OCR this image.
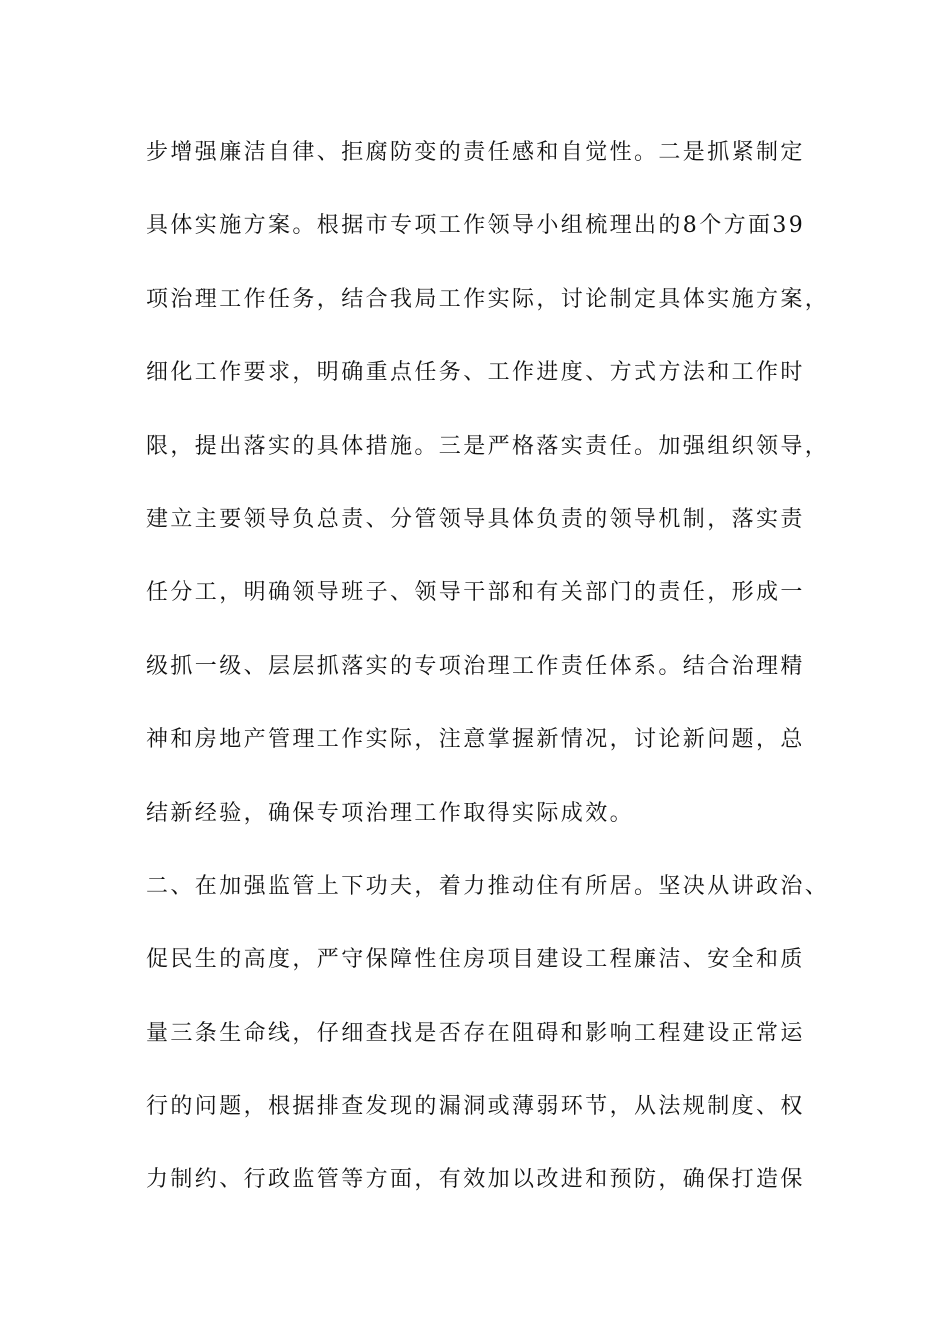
步增强廉洁自律、拒腐防变的责任感和自觉性。二是抓紧制定
具体实施方案。根据市专项工作领导小组梳理出的8个方面39
项治理工作任务，结合我局工作实际，讨论制定具体实施方案，
细化工作要求，明确重点任务、工作进度、方式方法和工作时
限，提出落实的具体措施。三是严格落实责任。加强组织领导，
建立主要领导负总责、分管领导具体负责的领导机制，落实责
任分工，明确领导班子、领导干部和有关部门的责任，形成一
级抓一级、层层抓落实的专项治理工作责任体系。结合治理精
神和房地产管理工作实际，注意掌握新情况，讨论新问题，总
结新经验，确保专项治理工作取得实际成效。
二、在加强监管上下功夫，着力推动住有所居。坚决从讲政治、
促民生的高度，严守保障性住房项目建设工程廉洁、安全和质
量三条生命线，仔细查找是否存在阻碍和影响工程建设正常运
行的问题，根据排查发现的漏洞或薄弱环节，从法规制度、权
力制约、行政监管等方面，有效加以改进和预防，确保打造保
